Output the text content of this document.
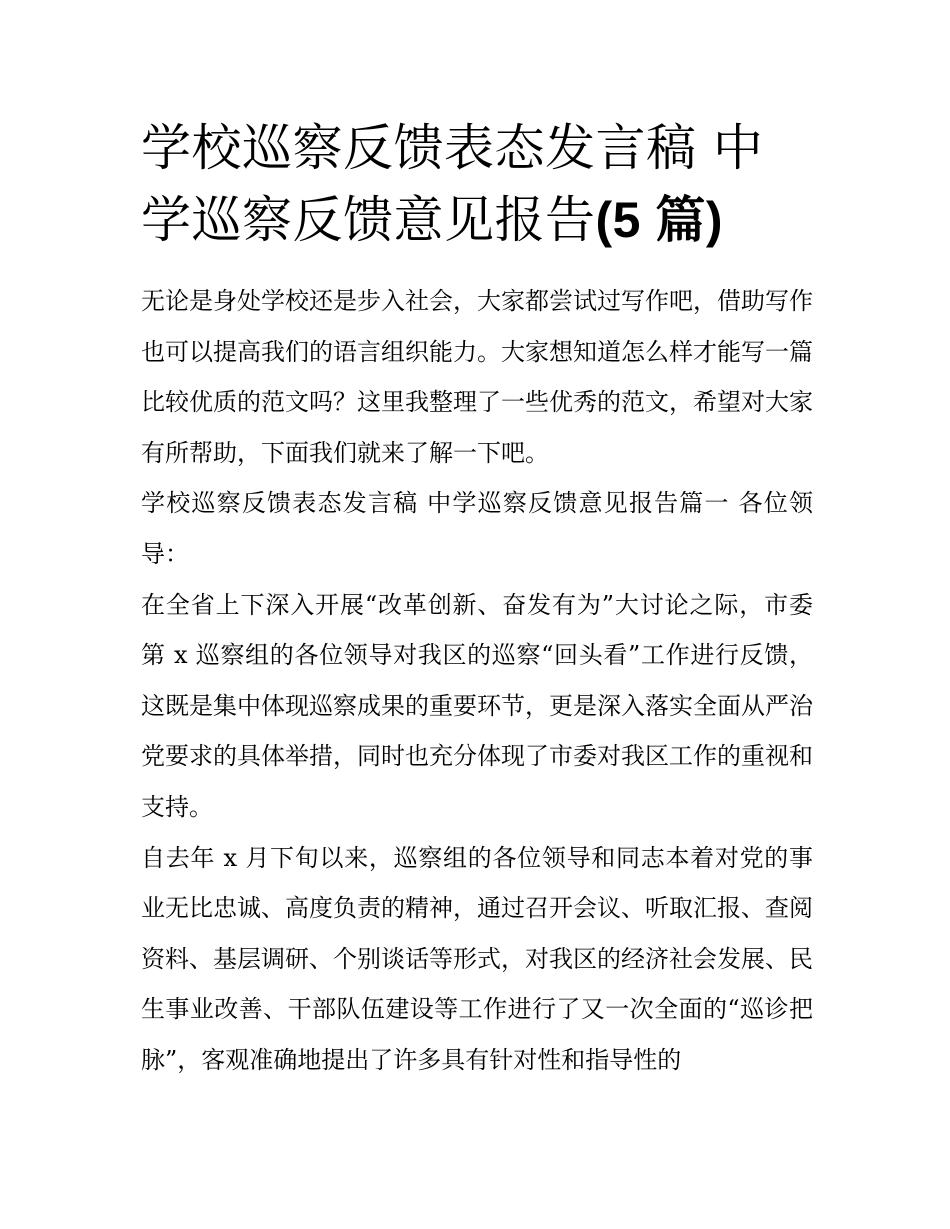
学校巡察反馈表态发言稿 中学巡察反馈意见报告(5 篇)

无论是身处学校还是步入社会，大家都尝试过写作吧，借助写作也可以提高我们的语言组织能力。大家想知道怎么样才能写一篇比较优质的范文吗？这里我整理了一些优秀的范文，希望对大家有所帮助，下面我们就来了解一下吧。

学校巡察反馈表态发言稿 中学巡察反馈意见报告篇一 各位领导：

在全省上下深入开展“改革创新、奋发有为”大讨论之际，市委第 x 巡察组的各位领导对我区的巡察“回头看”工作进行反馈，这既是集中体现巡察成果的重要环节，更是深入落实全面从严治党要求的具体举措，同时也充分体现了市委对我区工作的重视和支持。

自去年 x 月下旬以来，巡察组的各位领导和同志本着对党的事业无比忠诚、高度负责的精神，通过召开会议、听取汇报、查阅资料、基层调研、个别谈话等形式，对我区的经济社会发展、民生事业改善、干部队伍建设等工作进行了又一次全面的“巡诊把脉”，客观准确地提出了许多具有针对性和指导性的
